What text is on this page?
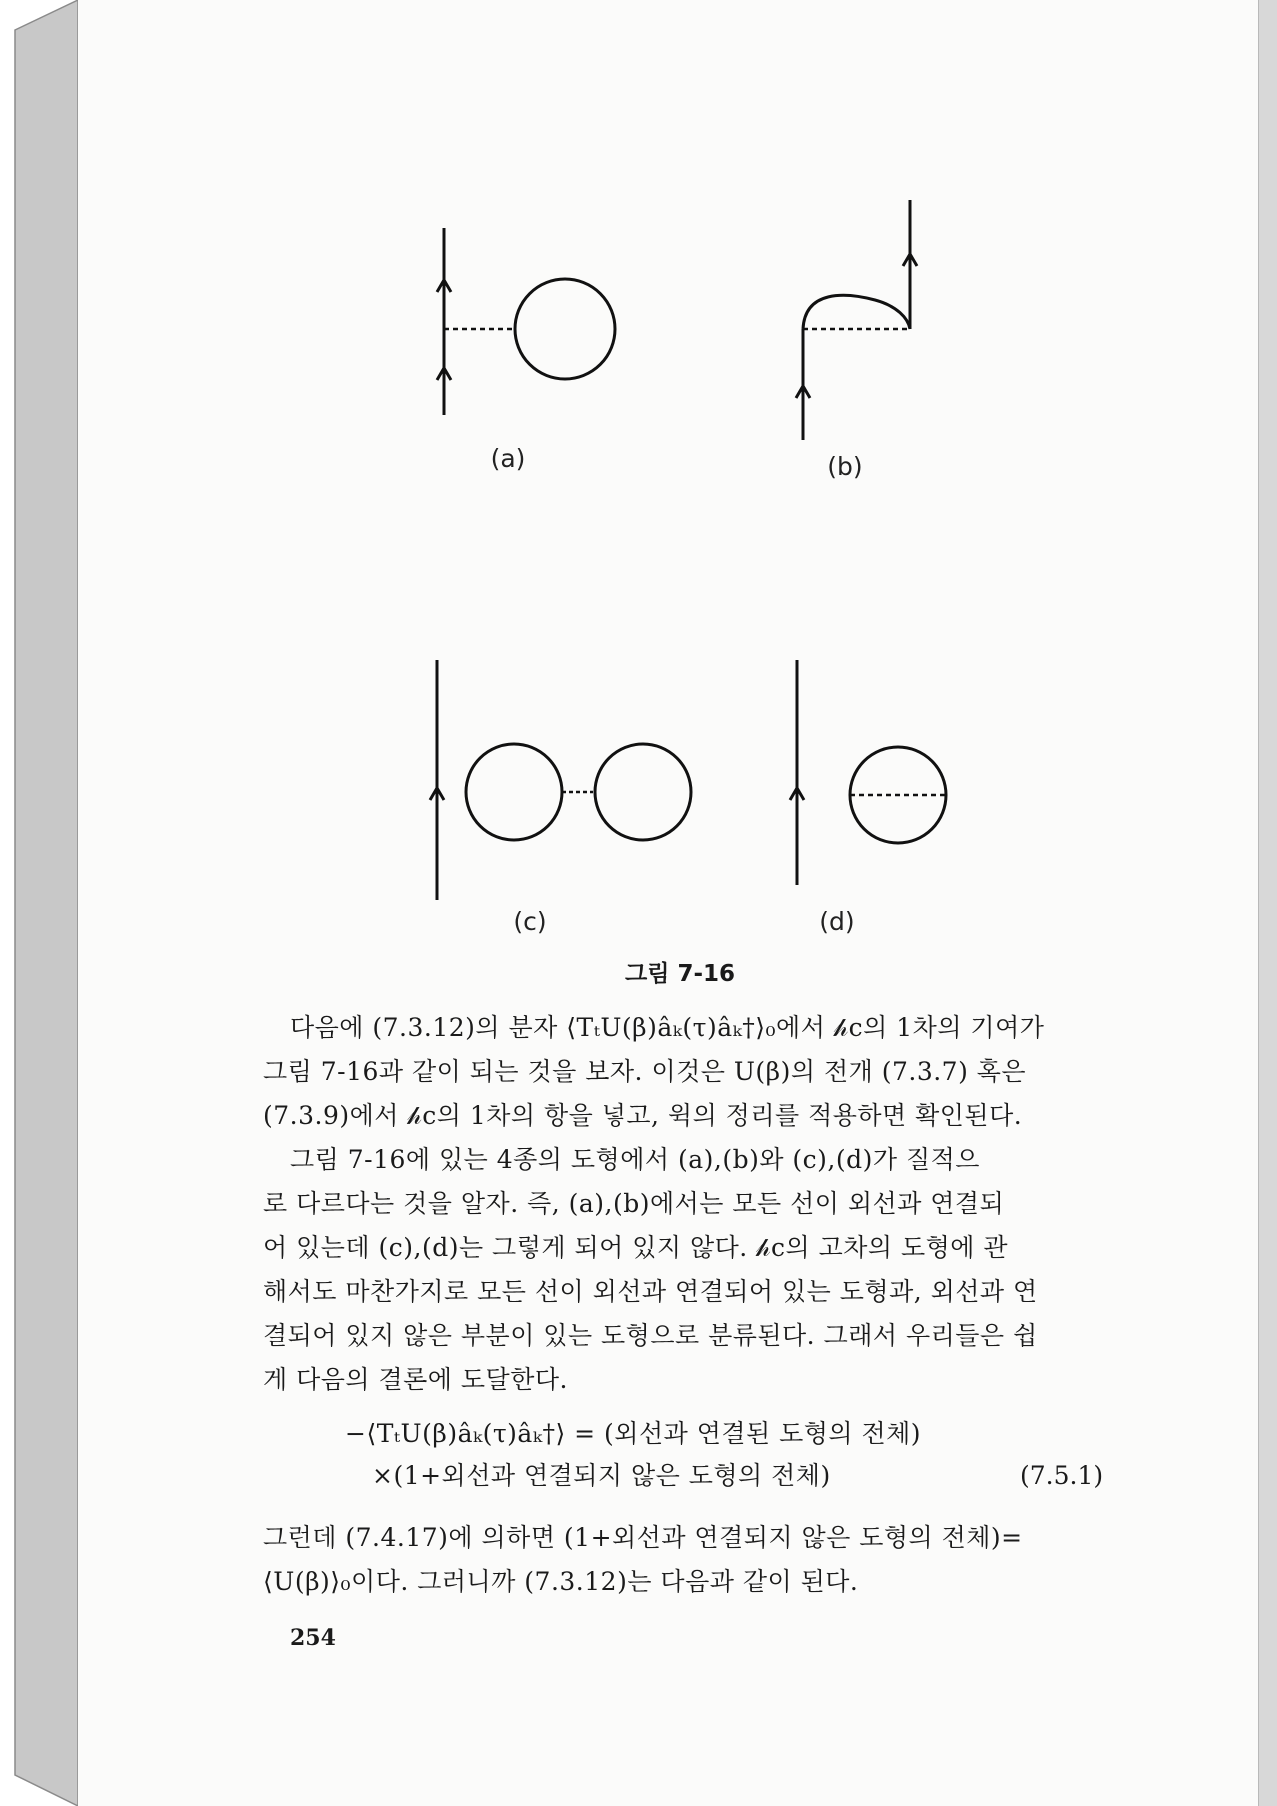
(a)	(b)
(c)	(d)
그림 7-16
다음에 (7.3.12)의 분자 ⟨TₜU(β)âₖ(τ)âₖ†⟩₀에서 𝒽c의 1차의 기여가
그림 7-16과 같이 되는 것을 보자. 이것은 U(β)의 전개 (7.3.7) 혹은
(7.3.9)에서 𝒽c의 1차의 항을 넣고, 윅의 정리를 적용하면 확인된다.
그림 7-16에 있는 4종의 도형에서 (a),(b)와 (c),(d)가 질적으
로 다르다는 것을 알자. 즉, (a),(b)에서는 모든 선이 외선과 연결되
어 있는데 (c),(d)는 그렇게 되어 있지 않다. 𝒽c의 고차의 도형에 관
해서도 마찬가지로 모든 선이 외선과 연결되어 있는 도형과, 외선과 연
결되어 있지 않은 부분이 있는 도형으로 분류된다. 그래서 우리들은 쉽
게 다음의 결론에 도달한다.
−⟨TₜU(β)âₖ(τ)âₖ†⟩ = (외선과 연결된 도형의 전체)
×(1+외선과 연결되지 않은 도형의 전체)	(7.5.1)
그런데 (7.4.17)에 의하면 (1+외선과 연결되지 않은 도형의 전체)=
⟨U(β)⟩₀이다. 그러니까 (7.3.12)는 다음과 같이 된다.
254
